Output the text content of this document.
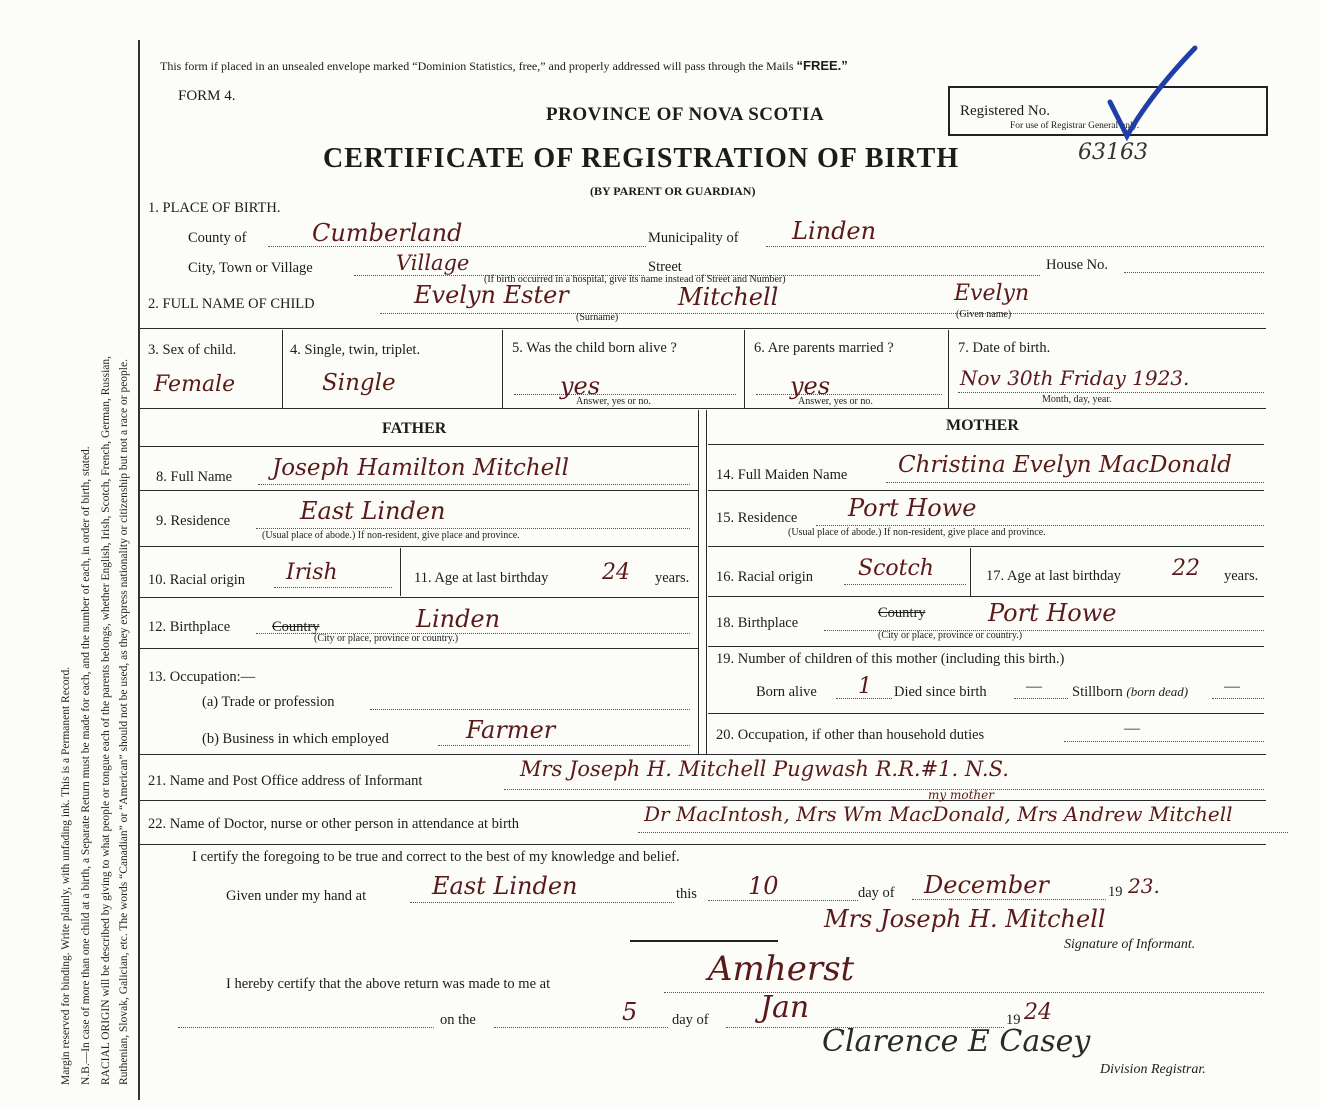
Margin reserved for binding. Write plainly, with unfading ink. This is a Permanent Record. N.B.—In case of more than one child at a birth, a Separate Return must be made for each, and the number of each, in order of birth, stated. RACIAL ORIGIN will be described by giving to what people or tongue each of the parents belongs, whether English, Irish, Scotch, French, German, Russian, Ruthenian, Slovak, Galician, etc. The words “Canadian” or “American” should not be used, as they express nationality or citizenship but not a race or people.
This form if placed in an unsealed envelope marked “Dominion Statistics, free,” and properly addressed will pass through the Mails “FREE.”
FORM 4.
PROVINCE OF NOVA SCOTIA
CERTIFICATE OF REGISTRATION OF BIRTH
(BY PARENT OR GUARDIAN)
Registered No.
For use of Registrar General only.
63163
1. PLACE OF BIRTH.
County of	Cumberland	Municipality of Linden
City, Town or Village	Village	Street	House No.
(If birth occurred in a hospital, give its name instead of Street and Number)
2. FULL NAME OF CHILD	Evelyn Ester	Mitchell	Evelyn
(Surname)	(Given name)
3. Sex of child.
Female
4. Single, twin, triplet.
Single
5. Was the child born alive ?
yes
Answer, yes or no.
6. Are parents married ?
yes
Answer, yes or no.
7. Date of birth.
Nov 30th Friday 1923.
Month, day, year.
FATHER	MOTHER
8. Full Name Joseph Hamilton Mitchell
9. Residence	East Linden
(Usual place of abode.) If non-resident, give place and province.
10. Racial origin Irish	11. Age at last birthday 24 years.
12. Birthplace	Country	Linden
(City or place, province or country.)
13. Occupation:—
(a) Trade or profession
(b) Business in which employed	Farmer
14. Full Maiden Name Christina Evelyn MacDonald
15. Residence Port Howe
(Usual place of abode.) If non-resident, give place and province.
16. Racial origin Scotch	17. Age at last birthday 22 years.
18. Birthplace
Country	Port Howe
(City or place, province or country.)
19. Number of children of this mother (including this birth.)
Born alive 1 Died since birth — Stillborn (born dead) —
20. Occupation, if other than household duties	—
21. Name and Post Office address of Informant	Mrs Joseph H. Mitchell Pugwash R.R.#1. N.S.
22. Name of Doctor, nurse or other person in attendance at birth	Dr MacIntosh, Mrs Wm MacDonald, Mrs Andrew Mitchell
my mother
I certify the foregoing to be true and correct to the best of my knowledge and belief.
Given under my hand at	East Linden	this 10	day of December	19 23.
Mrs Joseph H. Mitchell
Signature of Informant.
I hereby certify that the above return was made to me at	Amherst
on the	5 day of Jan	19 24
Clarence E Casey
Division Registrar.
